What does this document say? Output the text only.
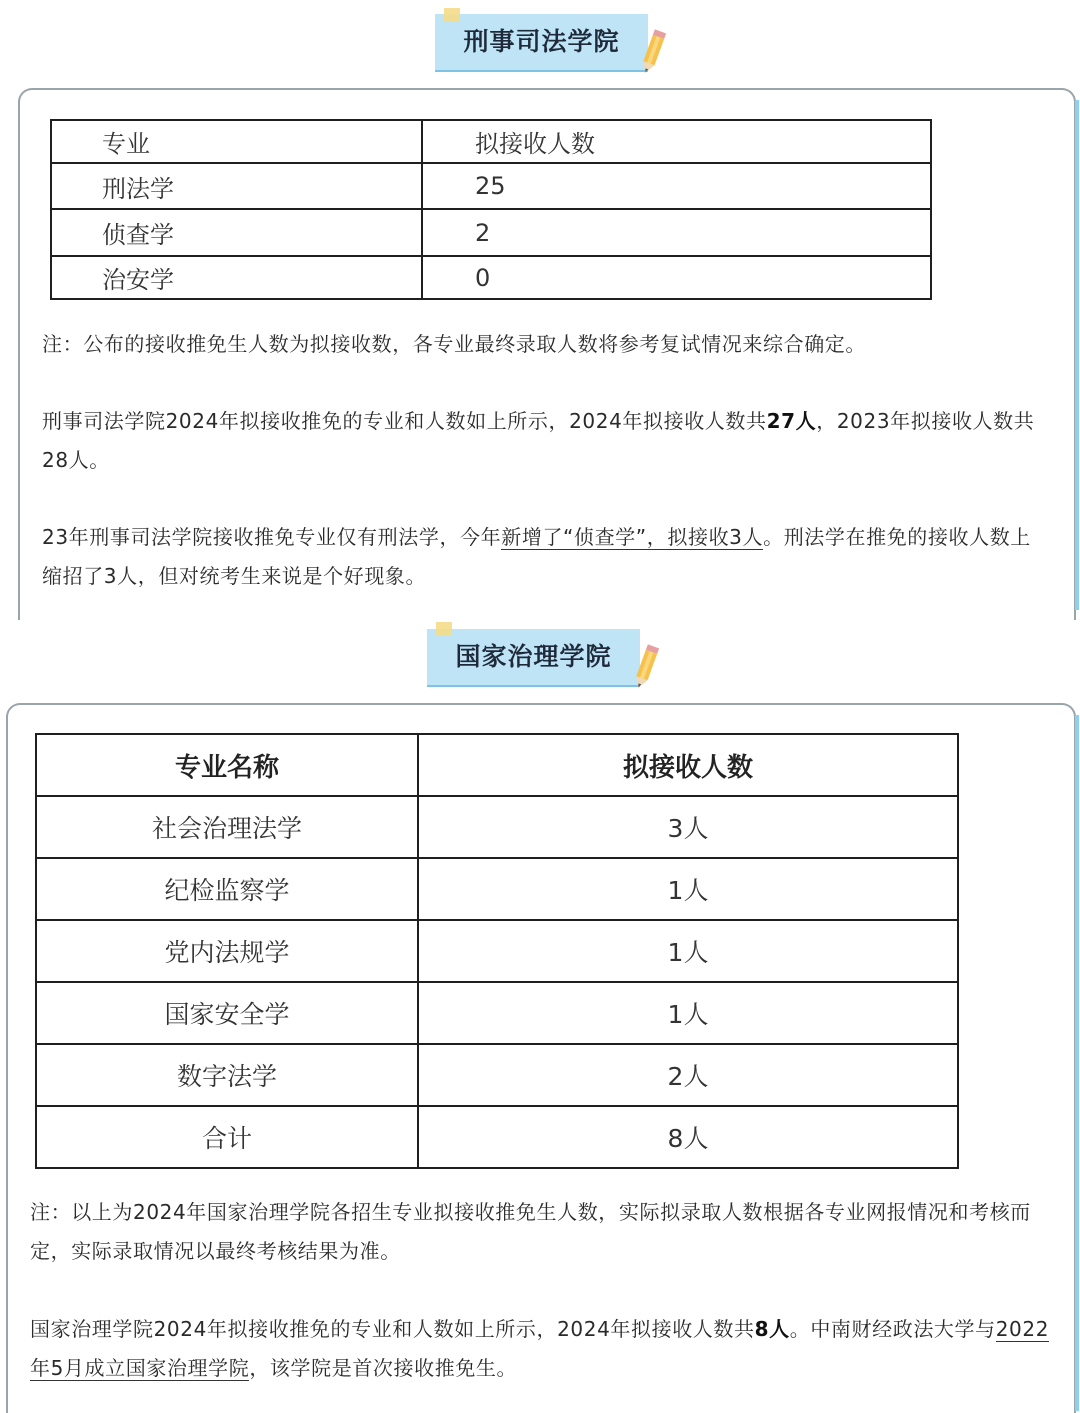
刑事司法学院
专业	拟接收人数
刑法学	25
侦查学	2
治安学	0

注：公布的接收推免生人数为拟接收数，各专业最终录取人数将参考复试情况来综合确定。

刑事司法学院2024年拟接收推免的专业和人数如上所示，2024年拟接收人数共27人，2023年拟接收人数共28人。

23年刑事司法学院接收推免专业仅有刑法学，今年新增了“侦查学”，拟接收3人。刑法学在推免的接收人数上缩招了3人，但对统考生来说是个好现象。

国家治理学院
专业名称	拟接收人数
社会治理法学	3人
纪检监察学	1人
党内法规学	1人
国家安全学	1人
数字法学	2人
合计	8人

注：以上为2024年国家治理学院各招生专业拟接收推免生人数，实际拟录取人数根据各专业网报情况和考核而定，实际录取情况以最终考核结果为准。

国家治理学院2024年拟接收推免的专业和人数如上所示，2024年拟接收人数共8人。中南财经政法大学与2022年5月成立国家治理学院，该学院是首次接收推免生。
